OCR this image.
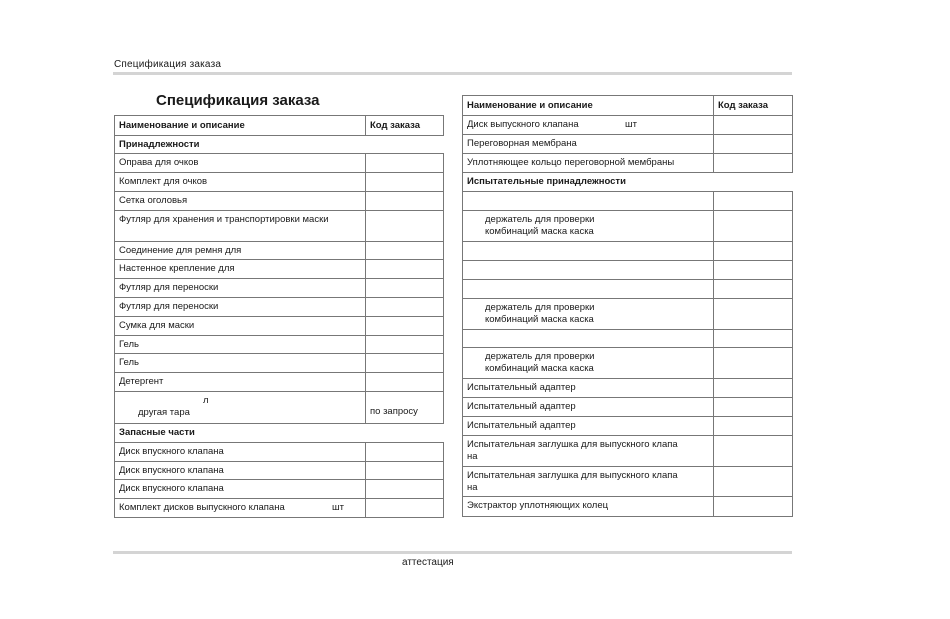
Спецификация заказа
Спецификация заказа
Наименование и описание	Код заказа
Принадлежности	
Оправа для очков	
Комплект для очков	
Сетка оголовья	
Футляр для хранения и транспортировки маски	
Соединение для ремня для	
Настенное крепление для	
Футляр для переноски	
Футляр для переноски	
Сумка для маски	
Гель	
Гель	
Детергент	

л
другая тара	по запросу
Запасные части	
Диск впускного клапана	
Диск впускного клапана	
Диск впускного клапана	
Комплект дисков выпускного клапана шт	

Наименование и описание	Код заказа
Диск выпускного клапана шт	

Переговорная мембрана	
Уплотняющее кольцо переговорной мембраны	
Испытательные принадлежности	

держатель для проверки
комбинаций маска каска	

держатель для проверки
комбинаций маска каска	

держатель для проверки
комбинаций маска каска	

Испытательный адаптер	
Испытательный адаптер	
Испытательный адаптер	

Испытательная заглушка для выпускного клапа
на	

Испытательная заглушка для выпускного клапа
на	

Экстрактор уплотняющих колец	
аттестация
